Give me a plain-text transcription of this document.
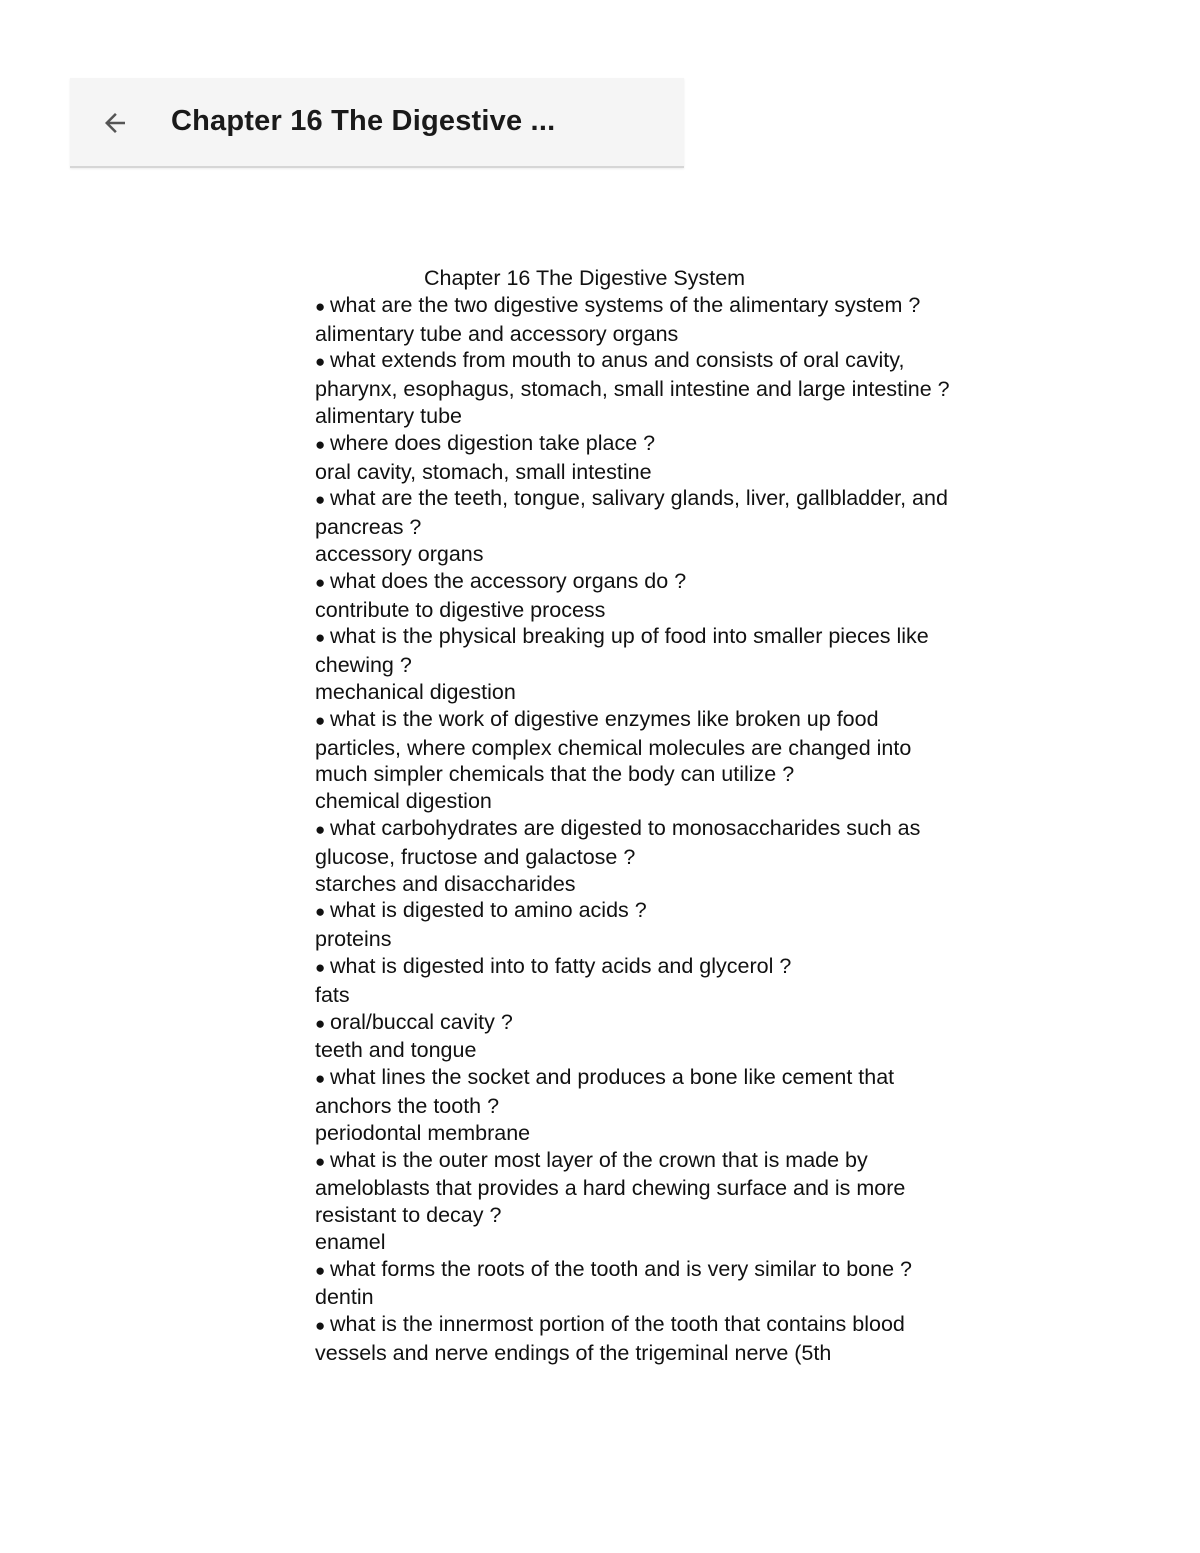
Chapter 16 The Digestive ...

Chapter 16 The Digestive System

● what are the two digestive systems of the alimentary system ?

alimentary tube and accessory organs

● what extends from mouth to anus and consists of oral cavity, pharynx, esophagus, stomach, small intestine and large intestine ?

alimentary tube

● where does digestion take place ?

oral cavity, stomach, small intestine

● what are the teeth, tongue, salivary glands, liver, gallbladder, and pancreas ?

accessory organs

● what does the accessory organs do ?

contribute to digestive process

● what is the physical breaking up of food into smaller pieces like chewing ?

mechanical digestion

● what is the work of digestive enzymes like broken up food particles, where complex chemical molecules are changed into much simpler chemicals that the body can utilize ?

chemical digestion

● what carbohydrates are digested to monosaccharides such as glucose, fructose and galactose ?

starches and disaccharides

● what is digested to amino acids ?

proteins

● what is digested into to fatty acids and glycerol ?

fats

● oral/buccal cavity ?

teeth and tongue

● what lines the socket and produces a bone like cement that anchors the tooth ?

periodontal membrane

● what is the outer most layer of the crown that is made by ameloblasts that provides a hard chewing surface and is more resistant to decay ?

enamel

● what forms the roots of the tooth and is very similar to bone ?

dentin

● what is the innermost portion of the tooth that contains blood vessels and nerve endings of the trigeminal nerve (5th
